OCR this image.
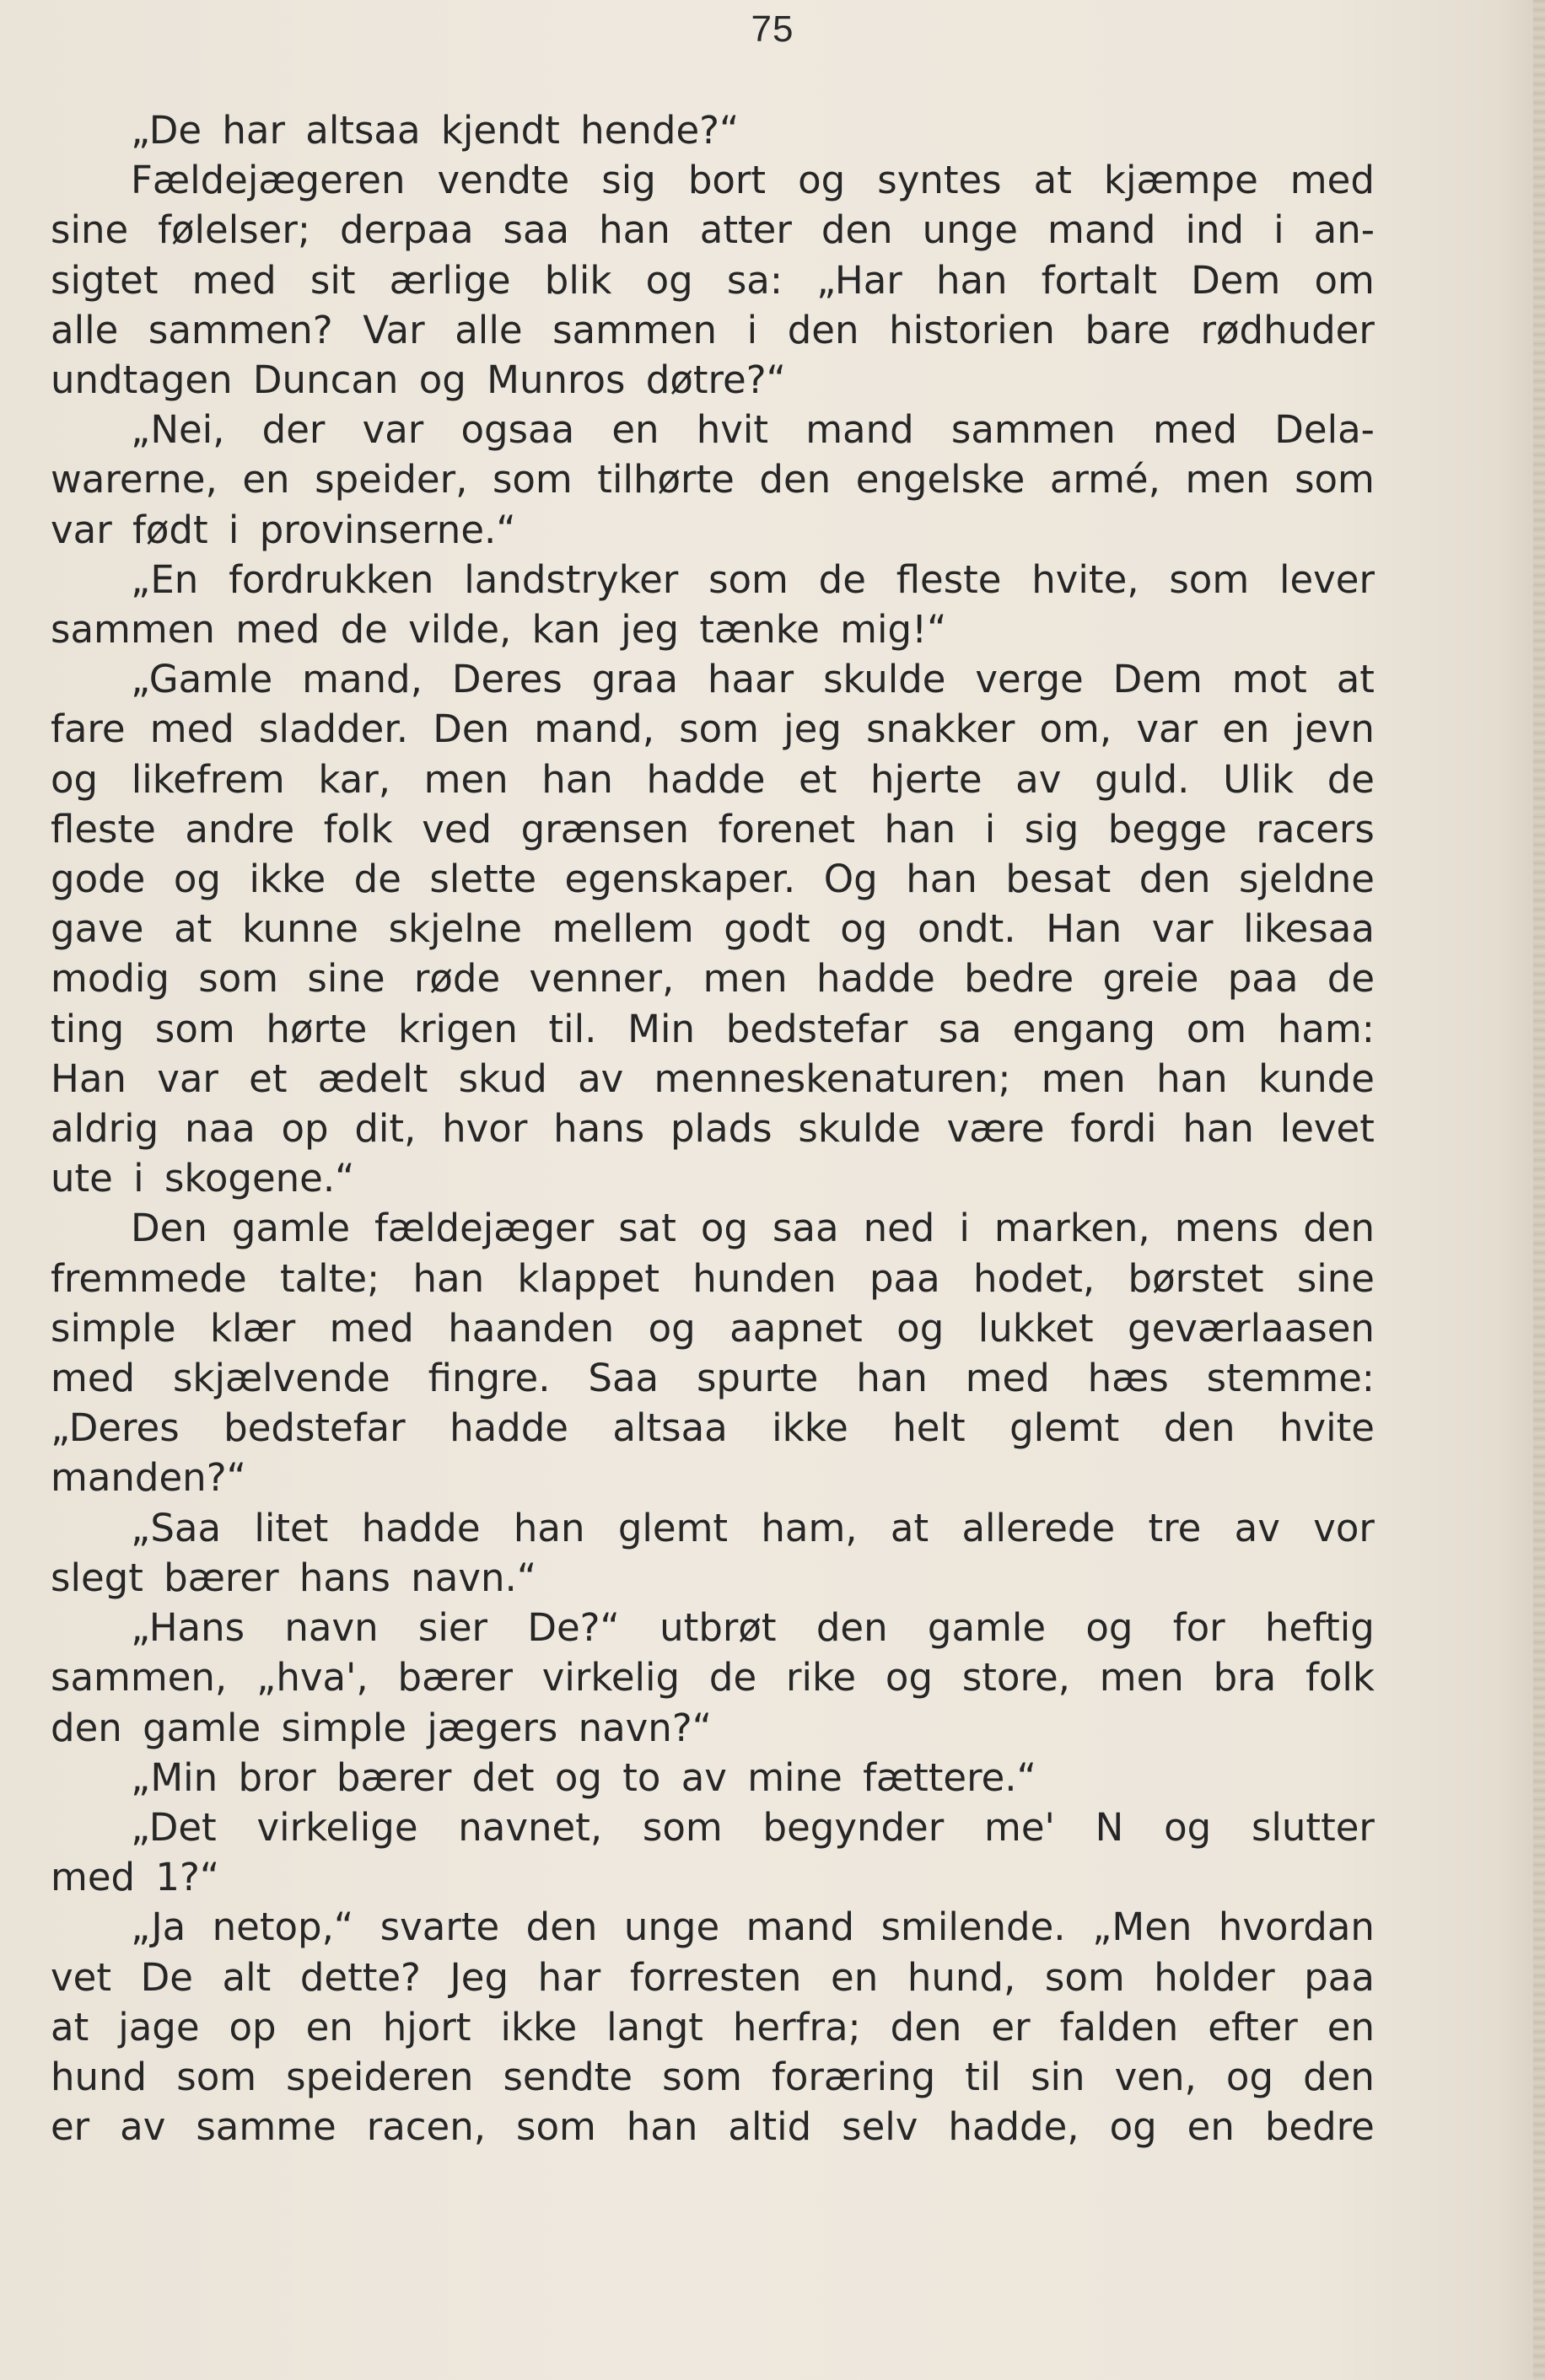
75
„De har altsaa kjendt hende?“
Fældejægeren vendte sig bort og syntes at kjæmpe med
sine følelser; derpaa saa han atter den unge mand ind i an-
sigtet med sit ærlige blik og sa: „Har han fortalt Dem om
alle sammen? Var alle sammen i den historien bare rødhuder
undtagen Duncan og Munros døtre?“
„Nei, der var ogsaa en hvit mand sammen med Dela-
warerne, en speider, som tilhørte den engelske armé, men som
var født i provinserne.“
„En fordrukken landstryker som de fleste hvite, som lever
sammen med de vilde, kan jeg tænke mig!“
„Gamle mand, Deres graa haar skulde verge Dem mot at
fare med sladder. Den mand, som jeg snakker om, var en jevn
og likefrem kar, men han hadde et hjerte av guld. Ulik de
fleste andre folk ved grænsen forenet han i sig begge racers
gode og ikke de slette egenskaper. Og han besat den sjeldne
gave at kunne skjelne mellem godt og ondt. Han var likesaa
modig som sine røde venner, men hadde bedre greie paa de
ting som hørte krigen til. Min bedstefar sa engang om ham:
Han var et ædelt skud av menneskenaturen; men han kunde
aldrig naa op dit, hvor hans plads skulde være fordi han levet
ute i skogene.“
Den gamle fældejæger sat og saa ned i marken, mens den
fremmede talte; han klappet hunden paa hodet, børstet sine
simple klær med haanden og aapnet og lukket geværlaasen
med skjælvende fingre. Saa spurte han med hæs stemme:
„Deres bedstefar hadde altsaa ikke helt glemt den hvite
manden?“
„Saa litet hadde han glemt ham, at allerede tre av vor
slegt bærer hans navn.“
„Hans navn sier De?“ utbrøt den gamle og for heftig
sammen, „hva', bærer virkelig de rike og store, men bra folk
den gamle simple jægers navn?“
„Min bror bærer det og to av mine fættere.“
„Det virkelige navnet, som begynder me' N og slutter
med 1?“
„Ja netop,“ svarte den unge mand smilende. „Men hvordan
vet De alt dette? Jeg har forresten en hund, som holder paa
at jage op en hjort ikke langt herfra; den er falden efter en
hund som speideren sendte som foræring til sin ven, og den
er av samme racen, som han altid selv hadde, og en bedre
